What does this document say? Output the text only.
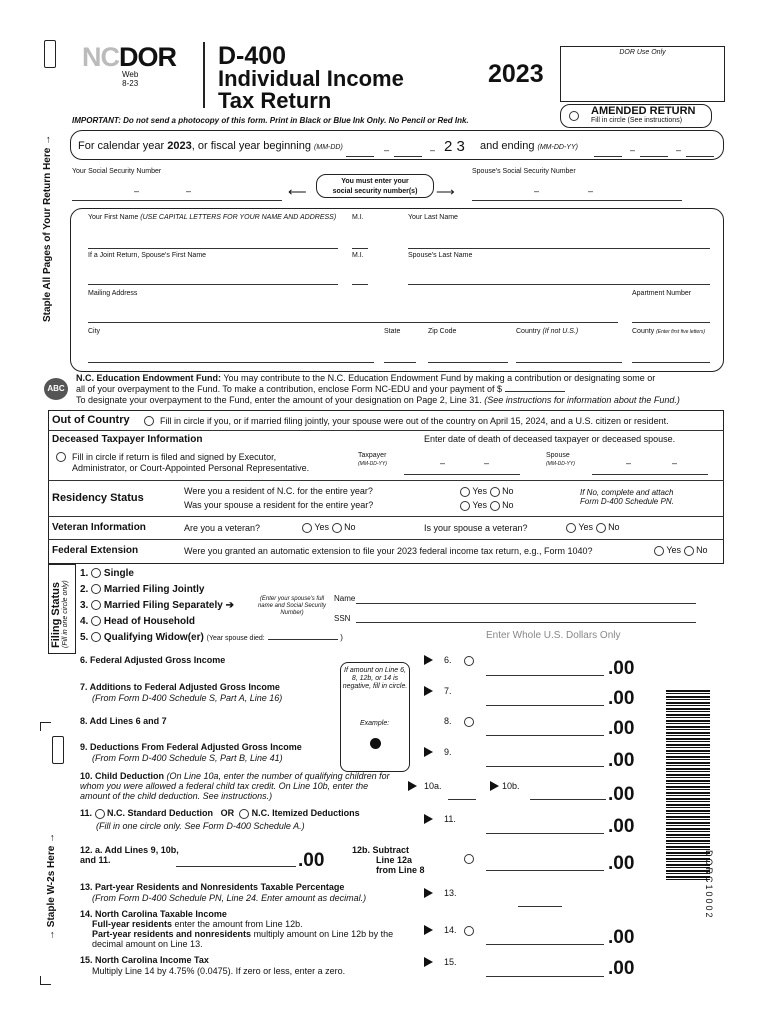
Staple All Pages of Your Return Here →
NCDOR
Web
8-23
D-400
Individual Income
Tax Return
2023
DOR Use Only
AMENDED RETURN
Fill in circle (See instructions)
IMPORTANT: Do not send a photocopy of this form. Print in Black or Blue Ink Only. No Pencil or Red Ink.
For calendar year 2023, or fiscal year beginning (MM-DD)	–	– 2 3 and ending (MM-DD-YY)	–	–
Your Social Security Number
–	–	⟵
You must enter your
social security number(s)	⟶
Spouse's Social Security Number
–	–
Your First Name (USE CAPITAL LETTERS FOR YOUR NAME AND ADDRESS) M.I.	Your Last Name
If a Joint Return, Spouse's First Name	M.I.	Spouse's Last Name
Mailing Address	Apartment Number
City	State	Zip Code	Country (If not U.S.)	County (Enter first five letters)
ABC
N.C. Education Endowment Fund: You may contribute to the N.C. Education Endowment Fund by making a contribution or designating some or
all of your overpayment to the Fund. To make a contribution, enclose Form NC-EDU and your payment of $
To designate your overpayment to the Fund, enter the amount of your designation on Page 2, Line 31. (See instructions for information about the Fund.)
Out of Country	Fill in circle if you, or if married filing jointly, your spouse were out of the country on April 15, 2024, and a U.S. citizen or resident.
Deceased Taxpayer Information	Enter date of death of deceased taxpayer or deceased spouse.
Fill in circle if return is filed and signed by Executor,
Administrator, or Court-Appointed Personal Representative.
Taxpayer
(MM-DD-YY)	–	–
Spouse
(MM-DD-YY)	–	–
Residency Status
Were you a resident of N.C. for the entire year?
Was your spouse a resident for the entire year?
Yes No
Yes No
If No, complete and attach
Form D-400 Schedule PN.
Veteran Information	Are you a veteran?	Yes No	Is your spouse a veteran?	Yes No
Federal Extension	Were you granted an automatic extension to file your 2023 federal income tax return, e.g., Form 1040?	Yes No
Filing Status (Fill in one circle only)
1.  Single
2.  Married Filing Jointly
3.  Married Filing Separately ➔
(Enter your spouse's full name and Social Security Number)
Name
SSN
4.  Head of Household
5.  Qualifying Widow(er) (Year spouse died:	)	Enter Whole U.S. Dollars Only
6. Federal Adjusted Gross Income
If amount on Line 6, 8, 12b, or 14 is negative, fill in circle.
Example:
6.	.00
7. Additions to Federal Adjusted Gross Income
(From Form D-400 Schedule S, Part A, Line 16)
7.	.00
8. Add Lines 6 and 7	8.	.00
9. Deductions From Federal Adjusted Gross Income
(From Form D-400 Schedule S, Part B, Line 41)
9.	.00
10. Child Deduction (On Line 10a, enter the number of qualifying children for whom you were allowed a federal child tax credit. On Line 10b, enter the amount of the child deduction. See instructions.)
10a.	10b.	.00
11. N.C. Standard Deduction OR N.C. Itemized Deductions
(Fill in one circle only. See Form D-400 Schedule A.)
11.	.00
12. a. Add Lines 9, 10b, and 11.	.00	12b. Subtract
Line 12a
from Line 8	.00
13. Part-year Residents and Nonresidents Taxable Percentage
(From Form D-400 Schedule PN, Line 24. Enter amount as decimal.)	13.
14. North Carolina Taxable Income
Full-year residents enter the amount from Line 12b.
Part-year residents and nonresidents multiply amount on Line 12b by the decimal amount on Line 13.
14.	.00
15. North Carolina Income Tax
Multiply Line 14 by 4.75% (0.0475). If zero or less, enter a zero.
15.	.00
→ Staple W-2s Here →
DORC10002
